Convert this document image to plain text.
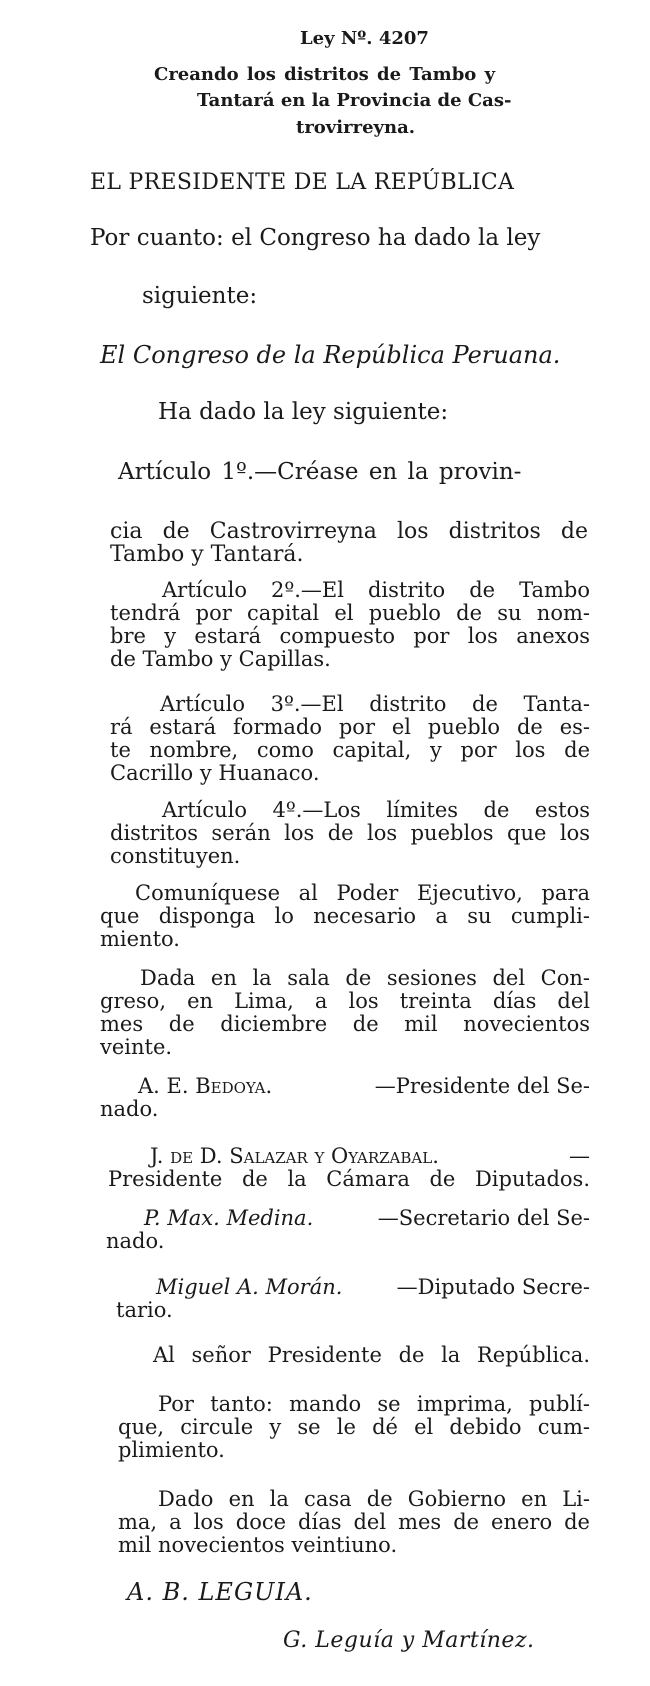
Ley Nº. 4207
Creando los distritos de Tambo y
Tantará en la Provincia de Cas-
trovirreyna.
EL PRESIDENTE DE LA REPÚBLICA
Por cuanto: el Congreso ha dado la ley
siguiente:
El Congreso de la República Peruana.
Ha dado la ley siguiente:
Artículo 1º.—Créase en la provin-
cia de Castrovirreyna los distritos de
Tambo y Tantará.
Artículo 2º.—El distrito de Tambo
tendrá por capital el pueblo de su nom-
bre y estará compuesto por los anexos
de Tambo y Capillas.
Artículo 3º.—El distrito de Tanta-
rá estará formado por el pueblo de es-
te nombre, como capital, y por los de
Cacrillo y Huanaco.
Artículo 4º.—Los límites de estos
distritos serán los de los pueblos que los
constituyen.
Comuníquese al Poder Ejecutivo, para
que disponga lo necesario a su cumpli-
miento.
Dada en la sala de sesiones del Con-
greso, en Lima, a los treinta días del
mes de diciembre de mil novecientos
veinte.
A. E. Bedoya.	—Presidente del Se-
nado.
J. de D. Salazar y Oyarzabal.	—
Presidente de la Cámara de Diputados.
P. Max. Medina.	—Secretario del Se-
nado.
Miguel A. Morán.	—Diputado Secre-
tario.
Al señor Presidente de la República.
Por tanto: mando se imprima, publí-
que, circule y se le dé el debido cum-
plimiento.
Dado en la casa de Gobierno en Li-
ma, a los doce días del mes de enero de
mil novecientos veintiuno.
A. B. LEGUIA.
G. Leguía y Martínez.
